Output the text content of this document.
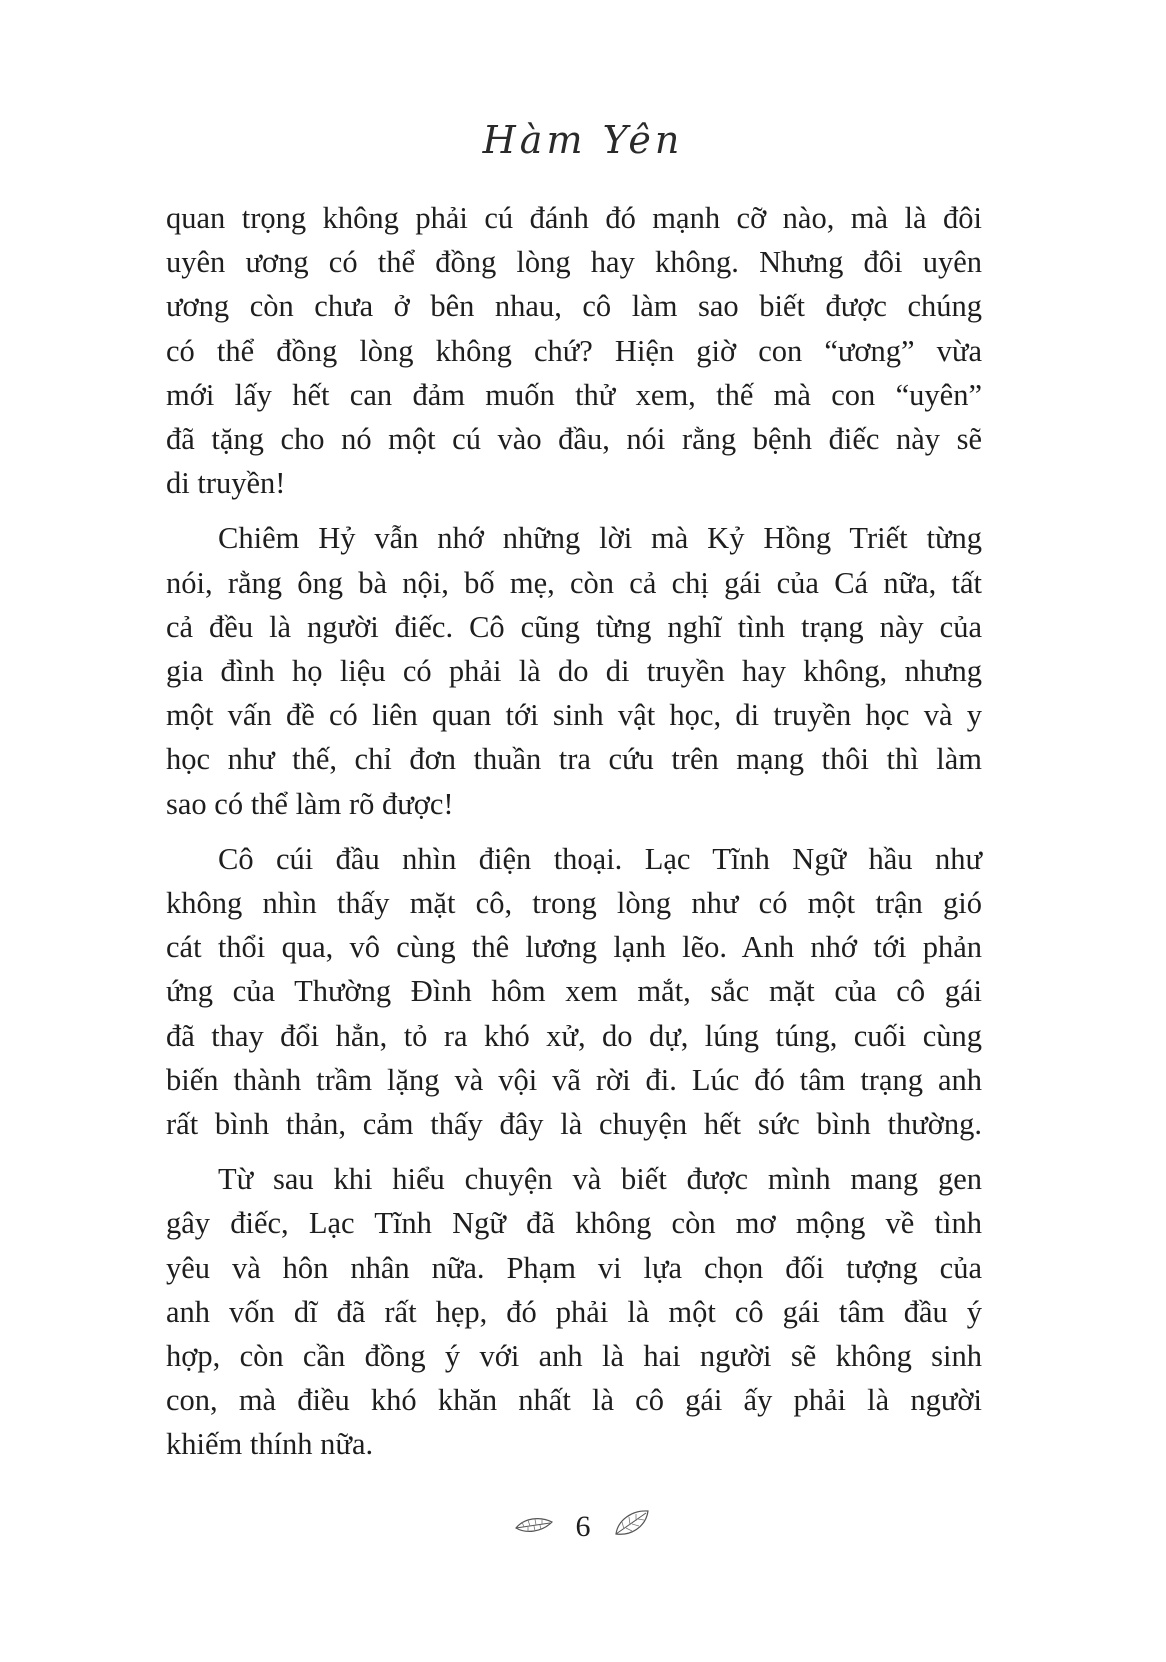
Hàm Yên

quan trọng không phải cú đánh đó mạnh cỡ nào, mà là đôi
uyên ương có thể đồng lòng hay không. Nhưng đôi uyên
ương còn chưa ở bên nhau, cô làm sao biết được chúng
có thể đồng lòng không chứ? Hiện giờ con “ương” vừa
mới lấy hết can đảm muốn thử xem, thế mà con “uyên”
đã tặng cho nó một cú vào đầu, nói rằng bệnh điếc này sẽ
di truyền!

Chiêm Hỷ vẫn nhớ những lời mà Kỷ Hồng Triết từng
nói, rằng ông bà nội, bố mẹ, còn cả chị gái của Cá nữa, tất
cả đều là người điếc. Cô cũng từng nghĩ tình trạng này của
gia đình họ liệu có phải là do di truyền hay không, nhưng
một vấn đề có liên quan tới sinh vật học, di truyền học và y
học như thế, chỉ đơn thuần tra cứu trên mạng thôi thì làm
sao có thể làm rõ được!

Cô cúi đầu nhìn điện thoại. Lạc Tĩnh Ngữ hầu như
không nhìn thấy mặt cô, trong lòng như có một trận gió
cát thổi qua, vô cùng thê lương lạnh lẽo. Anh nhớ tới phản
ứng của Thường Đình hôm xem mắt, sắc mặt của cô gái
đã thay đổi hẳn, tỏ ra khó xử, do dự, lúng túng, cuối cùng
biến thành trầm lặng và vội vã rời đi. Lúc đó tâm trạng anh
rất bình thản, cảm thấy đây là chuyện hết sức bình thường.

Từ sau khi hiểu chuyện và biết được mình mang gen
gây điếc, Lạc Tĩnh Ngữ đã không còn mơ mộng về tình
yêu và hôn nhân nữa. Phạm vi lựa chọn đối tượng của
anh vốn dĩ đã rất hẹp, đó phải là một cô gái tâm đầu ý
hợp, còn cần đồng ý với anh là hai người sẽ không sinh
con, mà điều khó khăn nhất là cô gái ấy phải là người
khiếm thính nữa.

6
